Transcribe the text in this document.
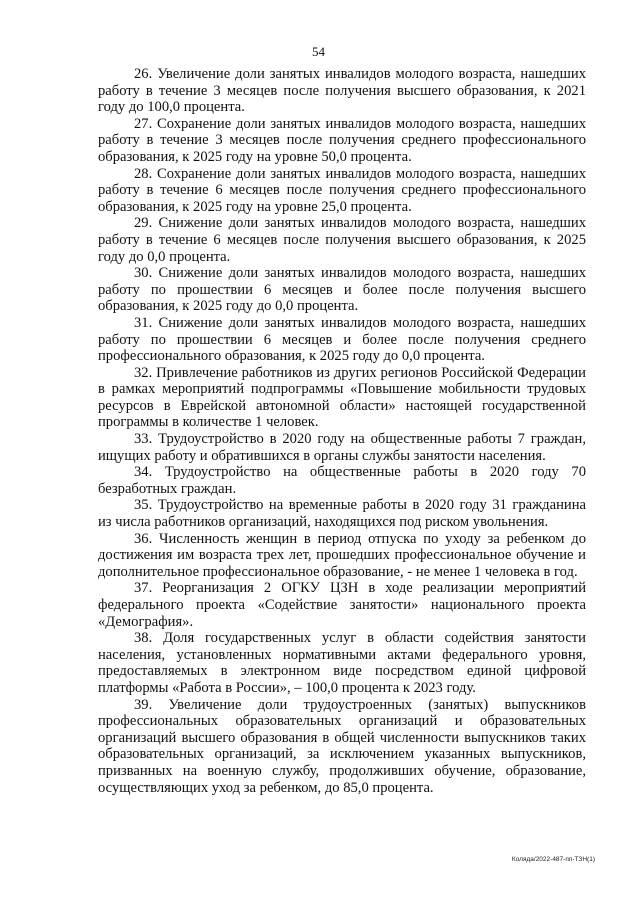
54

26. Увеличение доли занятых инвалидов молодого возраста, нашедших работу в течение 3 месяцев после получения высшего образования, к 2021 году до 100,0 процента.

27. Сохранение доли занятых инвалидов молодого возраста, нашедших работу в течение 3 месяцев после получения среднего профессионального образования, к 2025 году на уровне 50,0 процента.

28. Сохранение доли занятых инвалидов молодого возраста, нашедших работу в течение 6 месяцев после получения среднего профессионального образования, к 2025 году на уровне 25,0 процента.

29. Снижение доли занятых инвалидов молодого возраста, нашедших работу в течение 6 месяцев после получения высшего образования, к 2025 году до 0,0 процента.

30. Снижение доли занятых инвалидов молодого возраста, нашедших работу по прошествии 6 месяцев и более после получения высшего образования, к 2025 году до 0,0 процента.

31. Снижение доли занятых инвалидов молодого возраста, нашедших работу по прошествии 6 месяцев и более после получения среднего профессионального образования, к 2025 году до 0,0 процента.

32. Привлечение работников из других регионов Российской Федерации в рамках мероприятий подпрограммы «Повышение мобильности трудовых ресурсов в Еврейской автономной области» настоящей государственной программы в количестве 1 человек.

33. Трудоустройство в 2020 году на общественные работы 7 граждан, ищущих работу и обратившихся в органы службы занятости населения.

34. Трудоустройство на общественные работы в 2020 году 70 безработных граждан.

35. Трудоустройство на временные работы в 2020 году 31 гражданина из числа работников организаций, находящихся под риском увольнения.

36. Численность женщин в период отпуска по уходу за ребенком до достижения им возраста трех лет, прошедших профессиональное обучение и дополнительное профессиональное образование, - не менее 1 человека в год.

37. Реорганизация 2 ОГКУ ЦЗН в ходе реализации мероприятий федерального проекта «Содействие занятости» национального проекта «Демография».

38. Доля государственных услуг в области содействия занятости населения, установленных нормативными актами федерального уровня, предоставляемых в электронном виде посредством единой цифровой платформы «Работа в России», – 100,0 процента к 2023 году.

39. Увеличение доли трудоустроенных (занятых) выпускников профессиональных образовательных организаций и образовательных организаций высшего образования в общей численности выпускников таких образовательных организаций, за исключением указанных выпускников, призванных на военную службу, продолживших обучение, образование, осуществляющих уход за ребенком, до 85,0 процента.

Коляда/2022-487-пп-ТЗН(1)
